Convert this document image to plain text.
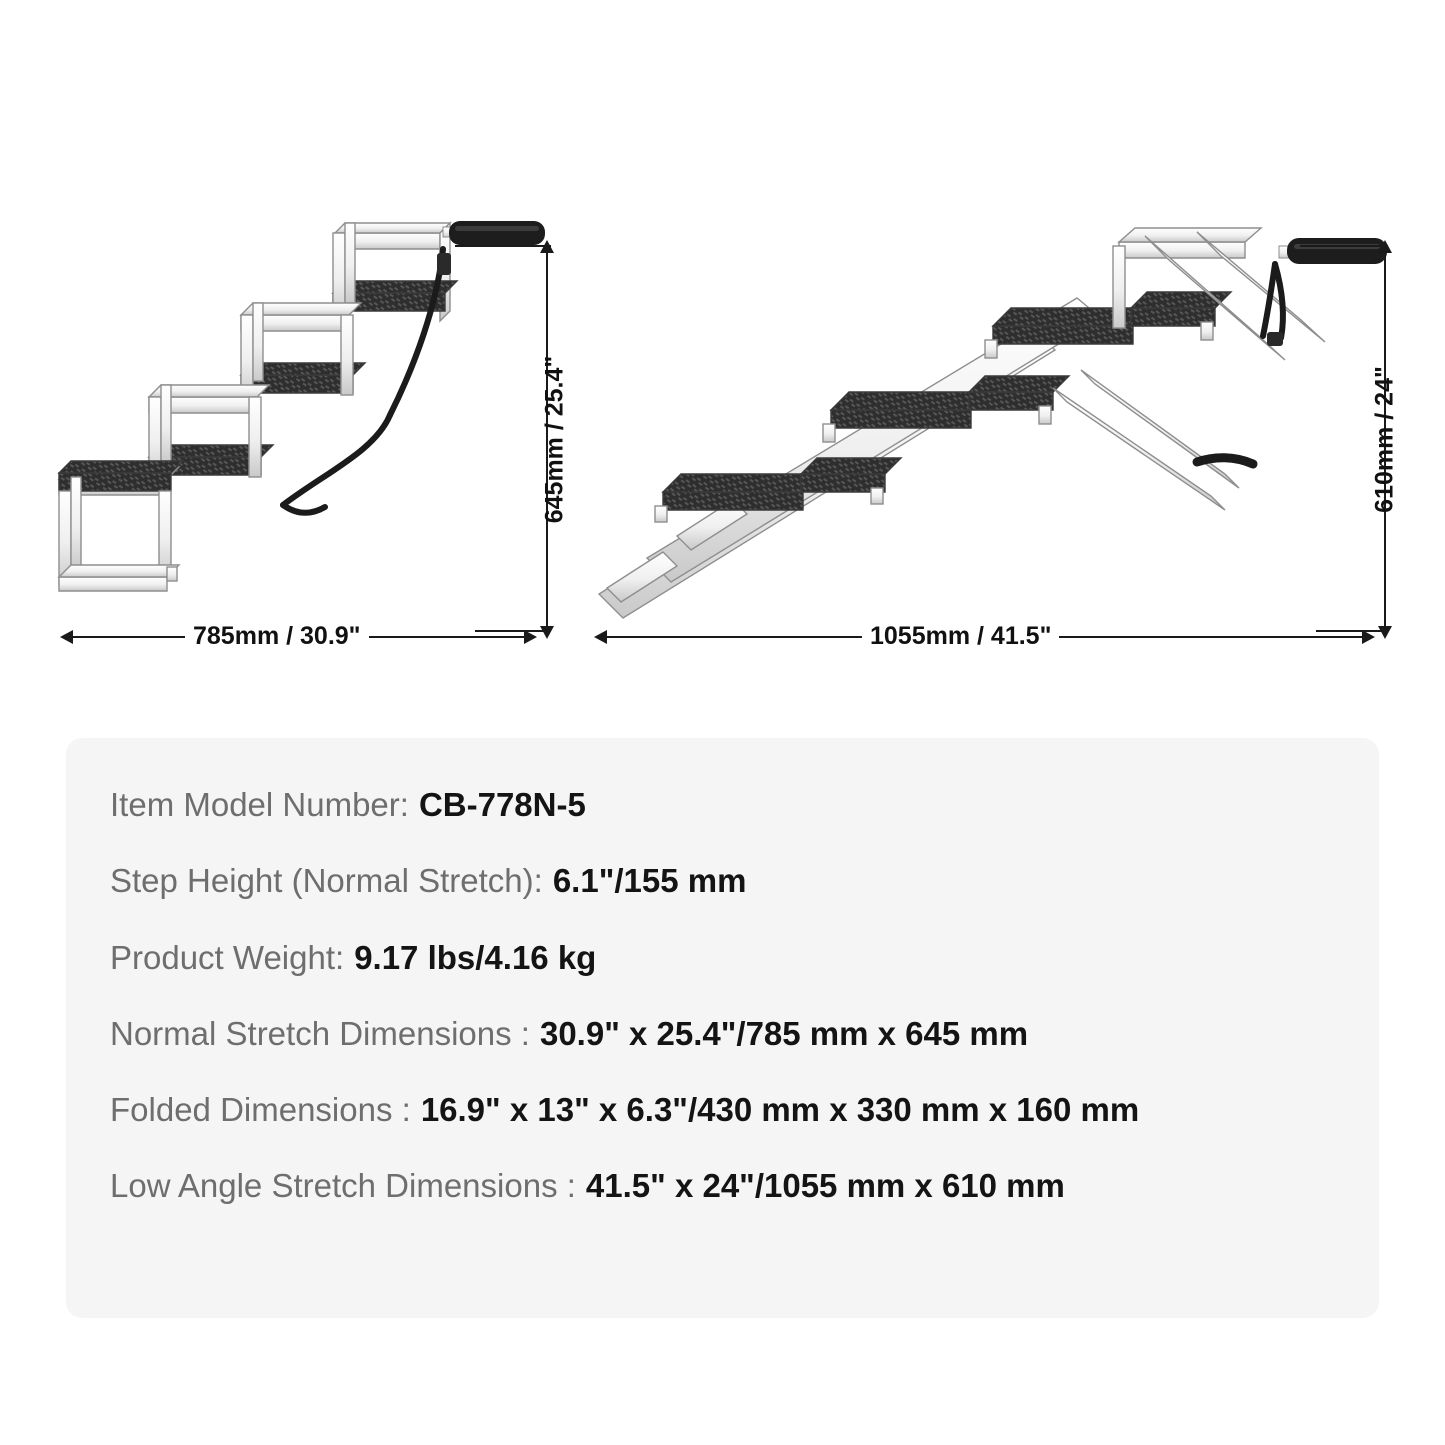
645mm / 25.4"
785mm / 30.9"
610mm / 24"
1055mm / 41.5"
Item Model Number: CB-778N-5
Step Height (Normal Stretch): 6.1"/155 mm
Product Weight: 9.17 lbs/4.16 kg
Normal Stretch Dimensions : 30.9" x 25.4"/785 mm x 645 mm
Folded Dimensions : 16.9" x 13" x 6.3"/430 mm x 330 mm x 160 mm
Low Angle Stretch Dimensions : 41.5" x 24"/1055 mm x 610 mm
